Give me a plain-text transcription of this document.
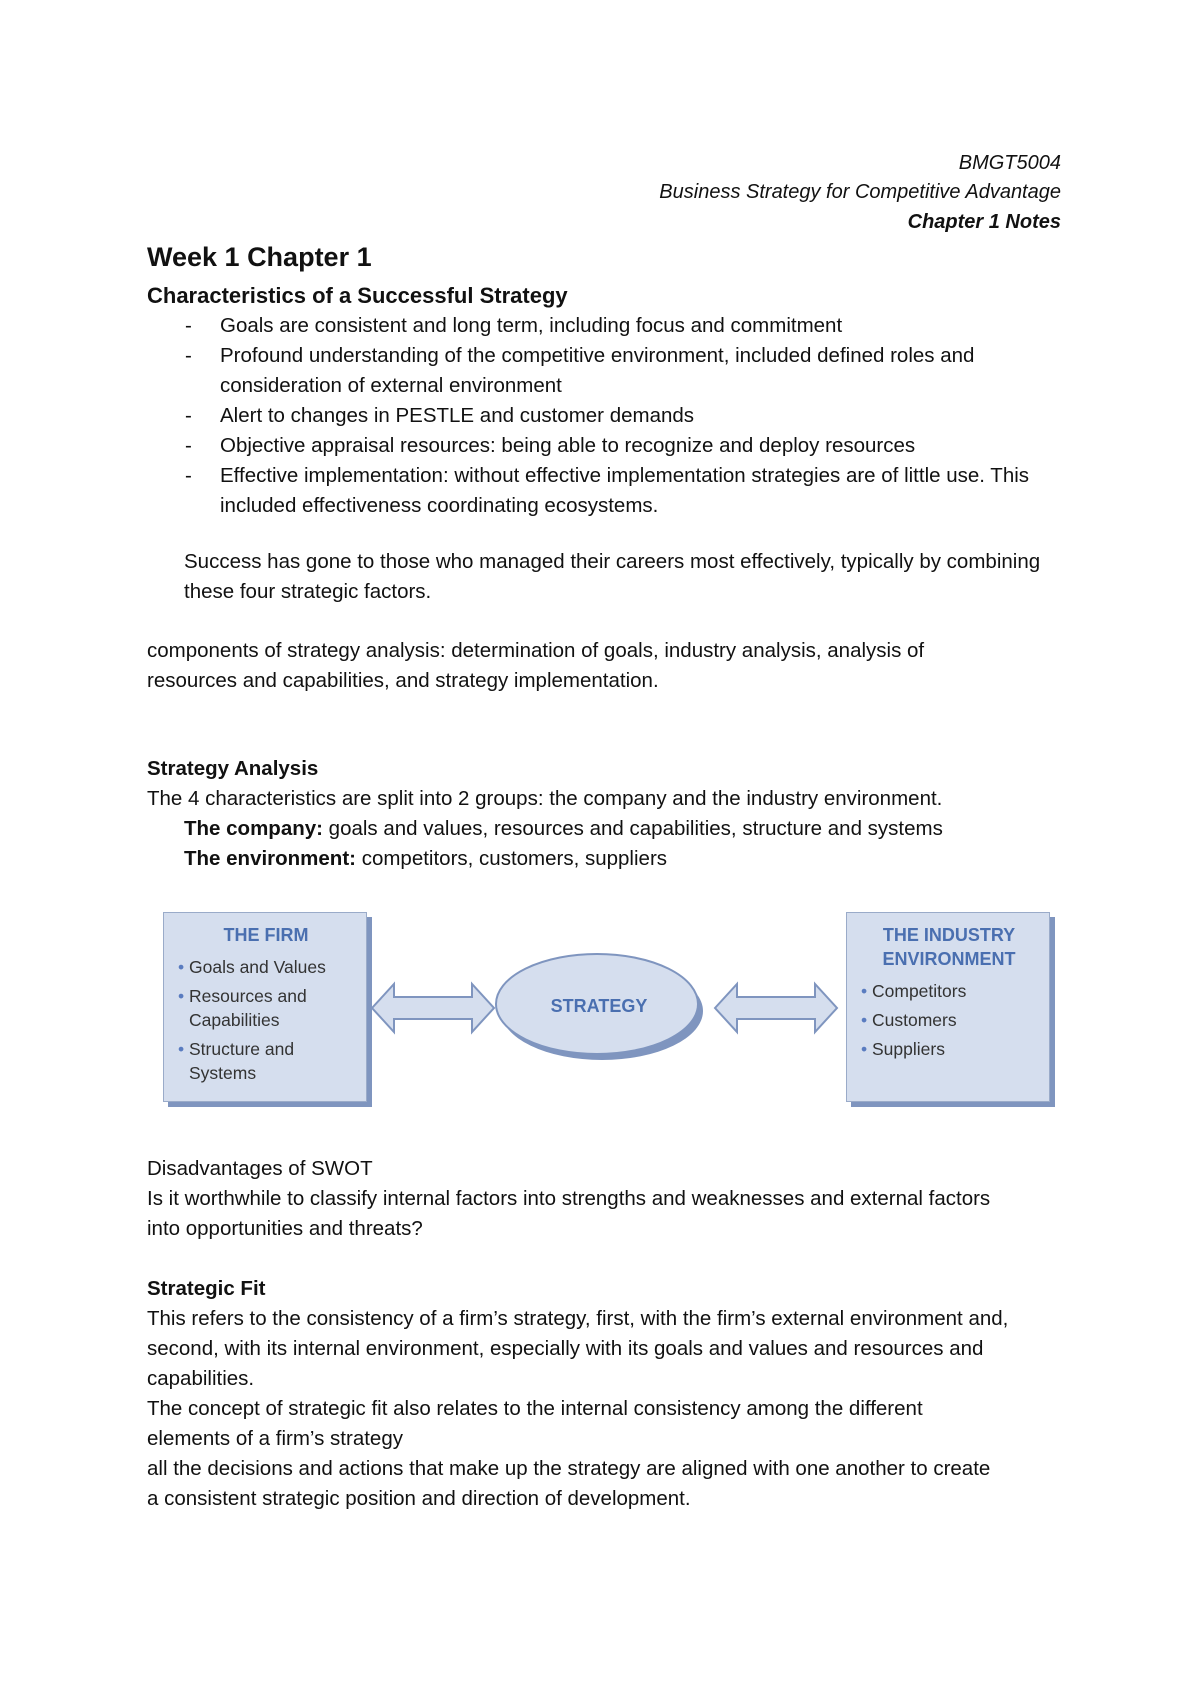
BMGT5004
Business Strategy for Competitive Advantage
Chapter 1 Notes
Week 1 Chapter 1
Characteristics of a Successful Strategy
- Goals are consistent and long term, including focus and commitment
- Profound understanding of the competitive environment, included defined roles and consideration of external environment
- Alert to changes in PESTLE and customer demands
- Objective appraisal resources: being able to recognize and deploy resources
- Effective implementation: without effective implementation strategies are of little use. This included effectiveness coordinating ecosystems.
Success has gone to those who managed their careers most effectively, typically by combining these four strategic factors.
components of strategy analysis: determination of goals, industry analysis, analysis of resources and capabilities, and strategy implementation.
Strategy Analysis
The 4 characteristics are split into 2 groups: the company and the industry environment.
The company: goals and values, resources and capabilities, structure and systems
The environment: competitors, customers, suppliers
THE FIRM
• Goals and Values
• Resources and Capabilities
• Structure and Systems
STRATEGY
THE INDUSTRY ENVIRONMENT
• Competitors
• Customers
• Suppliers
Disadvantages of SWOT
Is it worthwhile to classify internal factors into strengths and weaknesses and external factors into opportunities and threats?
Strategic Fit
This refers to the consistency of a firm’s strategy, first, with the firm’s external environment and, second, with its internal environment, especially with its goals and values and resources and capabilities.
The concept of strategic fit also relates to the internal consistency among the different elements of a firm’s strategy
all the decisions and actions that make up the strategy are aligned with one another to create a consistent strategic position and direction of development.
